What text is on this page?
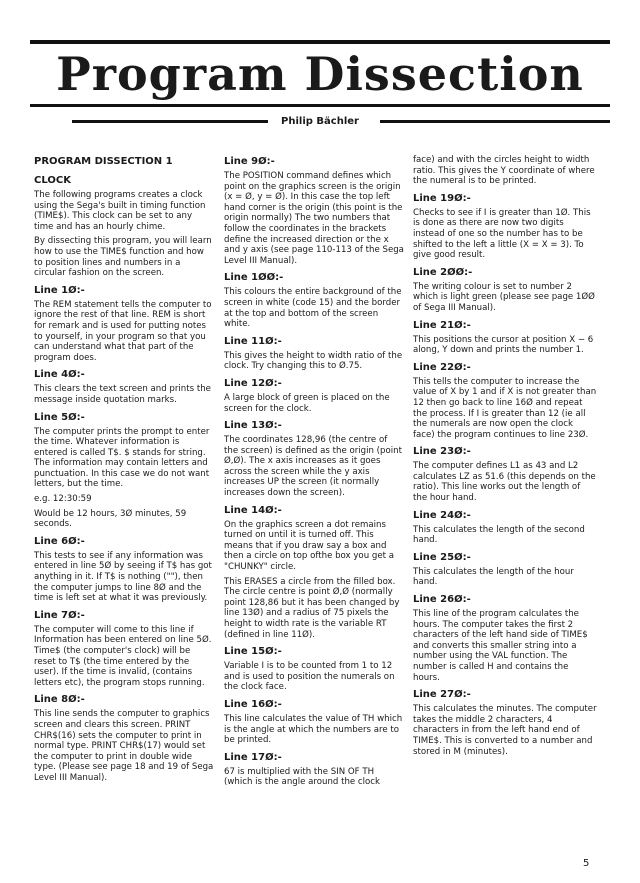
Program Dissection
Philip Bächler
PROGRAM DISSECTION 1
CLOCK

The following programs creates a clock using the Sega's built in timing function (TIME$). This clock can be set to any time and has an hourly chime.

By dissecting this program, you will learn how to use the TIME$ function and how to position lines and numbers in a circular fashion on the screen.

Line 1Ø:-

The REM statement tells the computer to ignore the rest of that line. REM is short for remark and is used for putting notes to yourself, in your program so that you can understand what that part of the program does.

Line 4Ø:-

This clears the text screen and prints the message inside quotation marks.

Line 5Ø:-

The computer prints the prompt to enter the time. Whatever information is entered is called T$. $ stands for string. The information may contain letters and punctuation. In this case we do not want letters, but the time.

e.g. 12:30:59

Would be 12 hours, 3Ø minutes, 59 seconds.

Line 6Ø:-

This tests to see if any information was entered in line 5Ø by seeing if T$ has got anything in it. If T$ is nothing (""), then the computer jumps to line 8Ø and the time is left set at what it was previously.

Line 7Ø:-

The computer will come to this line if Information has been entered on line 5Ø. Time$ (the computer's clock) will be reset to T$ (the time entered by the user). If the time is invalid, (contains letters etc), the program stops running.

Line 8Ø:-

This line sends the computer to graphics screen and clears this screen. PRINT CHR$(16) sets the computer to print in normal type. PRINT CHR$(17) would set the computer to print in double wide type. (Please see page 18 and 19 of Sega Level III Manual).

Line 9Ø:-

The POSITION command defines which point on the graphics screen is the origin (x = Ø, y = Ø). In this case the top left hand corner is the origin (this point is the origin normally) The two numbers that follow the coordinates in the brackets define the increased direction or the x and y axis (see page 110-113 of the Sega Level III Manual).

Line 1ØØ:-

This colours the entire background of the screen in white (code 15) and the border at the top and bottom of the screen white.

Line 11Ø:-

This gives the height to width ratio of the clock. Try changing this to Ø.75.

Line 12Ø:-

A large block of green is placed on the screen for the clock.

Line 13Ø:-

The coordinates 128,96 (the centre of the screen) is defined as the origin (point Ø,Ø). The x axis increases as it goes across the screen while the y axis increases UP the screen (it normally increases down the screen).

Line 14Ø:-

On the graphics screen a dot remains turned on until it is turned off. This means that if you draw say a box and then a circle on top ofthe box you get a "CHUNKY" circle.

This ERASES a circle from the filled box. The circle centre is point Ø,Ø (normally point 128,86 but it has been changed by line 13Ø) and a radius of 75 pixels the height to width rate is the variable RT (defined in line 11Ø).

Line 15Ø:-

Variable I is to be counted from 1 to 12 and is used to position the numerals on the clock face.

Line 16Ø:-

This line calculates the value of TH which is the angle at which the numbers are to be printed.

Line 17Ø:-

67 is multiplied with the SIN OF TH (which is the angle around the clock

face) and with the circles height to width ratio. This gives the Y coordinate of where the numeral is to be printed.

Line 19Ø:-

Checks to see if I is greater than 1Ø. This is done as there are now two digits instead of one so the number has to be shifted to the left a little (X = X = 3). To give good result.

Line 2ØØ:-

The writing colour is set to number 2 which is light green (please see page 1ØØ of Sega III Manual).

Line 21Ø:-

This positions the cursor at position X − 6 along, Y down and prints the number 1.

Line 22Ø:-

This tells the computer to increase the value of X by 1 and if X is not greater than 12 then go back to line 16Ø and repeat the process. If I is greater than 12 (ie all the numerals are now open the clock face) the program continues to line 23Ø.

Line 23Ø:-

The computer defines L1 as 43 and L2 calculates LZ as 51.6 (this depends on the ratio). This line works out the length of the hour hand.

Line 24Ø:-

This calculates the length of the second hand.

Line 25Ø:-

This calculates the length of the hour hand.

Line 26Ø:-

This line of the program calculates the hours. The computer takes the first 2 characters of the left hand side of TIME$ and converts this smaller string into a number using the VAL function. The number is called H and contains the hours.

Line 27Ø:-

This calculates the minutes. The computer takes the middle 2 characters, 4 characters in from the left hand end of TIME$. This is converted to a number and stored in M (minutes).

5
